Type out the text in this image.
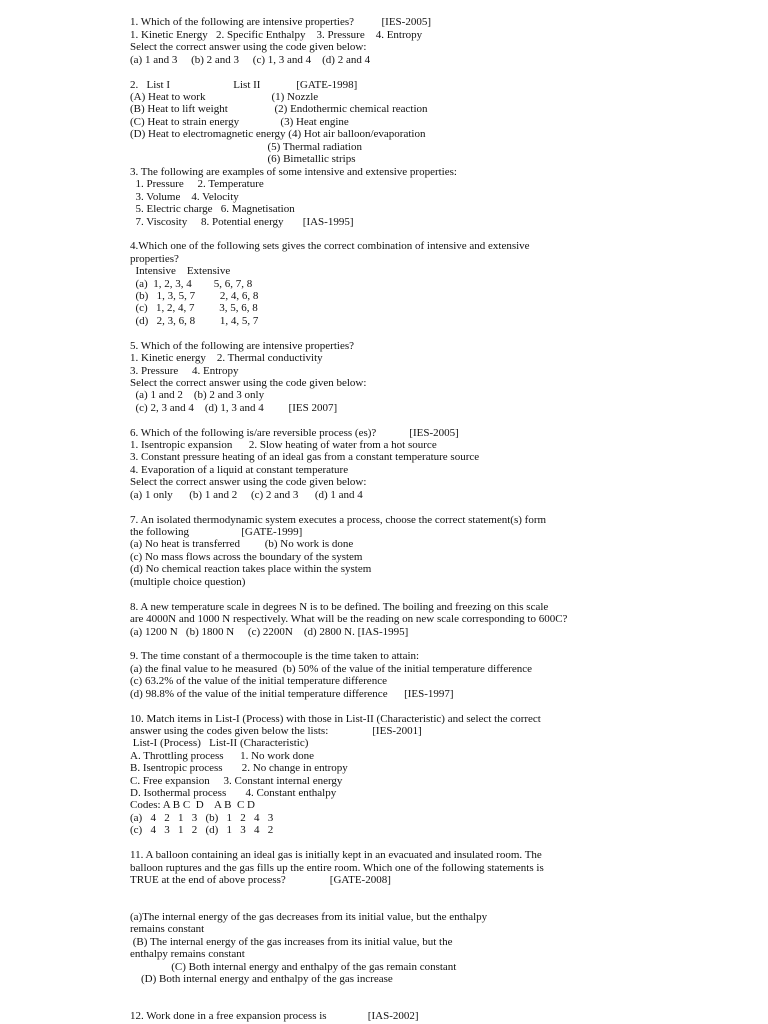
1. Which of the following are intensive properties?          [IES-2005]
1. Kinetic Energy   2. Specific Enthalpy    3. Pressure    4. Entropy
Select the correct answer using the code given below:
(a) 1 and 3     (b) 2 and 3     (c) 1, 3 and 4    (d) 2 and 4
2.   List I                       List II             [GATE-1998]
(A) Heat to work                        (1) Nozzle
(B) Heat to lift weight                 (2) Endothermic chemical reaction
(C) Heat to strain energy               (3) Heat engine
(D) Heat to electromagnetic energy (4) Hot air balloon/evaporation
(5) Thermal radiation
(6) Bimetallic strips
3. The following are examples of some intensive and extensive properties:
1. Pressure     2. Temperature
3. Volume    4. Velocity
5. Electric charge   6. Magnetisation
7. Viscosity     8. Potential energy       [IAS-1995]
4.Which one of the following sets gives the correct combination of intensive and extensive
properties?
Intensive    Extensive
(a)  1, 2, 3, 4        5, 6, 7, 8
(b)   1, 3, 5, 7         2, 4, 6, 8
(c)   1, 2, 4, 7         3, 5, 6, 8
(d)   2, 3, 6, 8         1, 4, 5, 7
5. Which of the following are intensive properties?
1. Kinetic energy    2. Thermal conductivity
3. Pressure     4. Entropy
Select the correct answer using the code given below:
(a) 1 and 2    (b) 2 and 3 only
(c) 2, 3 and 4    (d) 1, 3 and 4         [IES 2007]
6. Which of the following is/are reversible process (es)?            [IES-2005]
1. Isentropic expansion      2. Slow heating of water from a hot source
3. Constant pressure heating of an ideal gas from a constant temperature source
4. Evaporation of a liquid at constant temperature
Select the correct answer using the code given below:
(a) 1 only      (b) 1 and 2     (c) 2 and 3      (d) 1 and 4
7. An isolated thermodynamic system executes a process, choose the correct statement(s) form
the following                   [GATE-1999]
(a) No heat is transferred         (b) No work is done
(c) No mass flows across the boundary of the system
(d) No chemical reaction takes place within the system
(multiple choice question)
8. A new temperature scale in degrees N is to be defined. The boiling and freezing on this scale
are 4000N and 1000 N respectively. What will be the reading on new scale corresponding to 600C?
(a) 1200 N   (b) 1800 N     (c) 2200N    (d) 2800 N. [IAS-1995]
9. The time constant of a thermocouple is the time taken to attain:
(a) the final value to he measured  (b) 50% of the value of the initial temperature difference
(c) 63.2% of the value of the initial temperature difference
(d) 98.8% of the value of the initial temperature difference      [IES-1997]
10. Match items in List-I (Process) with those in List-II (Characteristic) and select the correct
answer using the codes given below the lists:                [IES-2001]
List-I (Process)   List-II (Characteristic)
A. Throttling process      1. No work done
B. Isentropic process       2. No change in entropy
C. Free expansion     3. Constant internal energy
D. Isothermal process       4. Constant enthalpy
Codes: A B C  D    A B  C D
(a)   4   2   1   3   (b)   1   2   4   3
(c)   4   3   1   2   (d)   1   3   4   2
11. A balloon containing an ideal gas is initially kept in an evacuated and insulated room. The
balloon ruptures and the gas fills up the entire room. Which one of the following statements is
TRUE at the end of above process?                [GATE-2008]
(a)The internal energy of the gas decreases from its initial value, but the enthalpy
remains constant
(B) The internal energy of the gas increases from its initial value, but the
enthalpy remains constant
(C) Both internal energy and enthalpy of the gas remain constant
(D) Both internal energy and enthalpy of the gas increase
12. Work done in a free expansion process is               [IAS-2002]
